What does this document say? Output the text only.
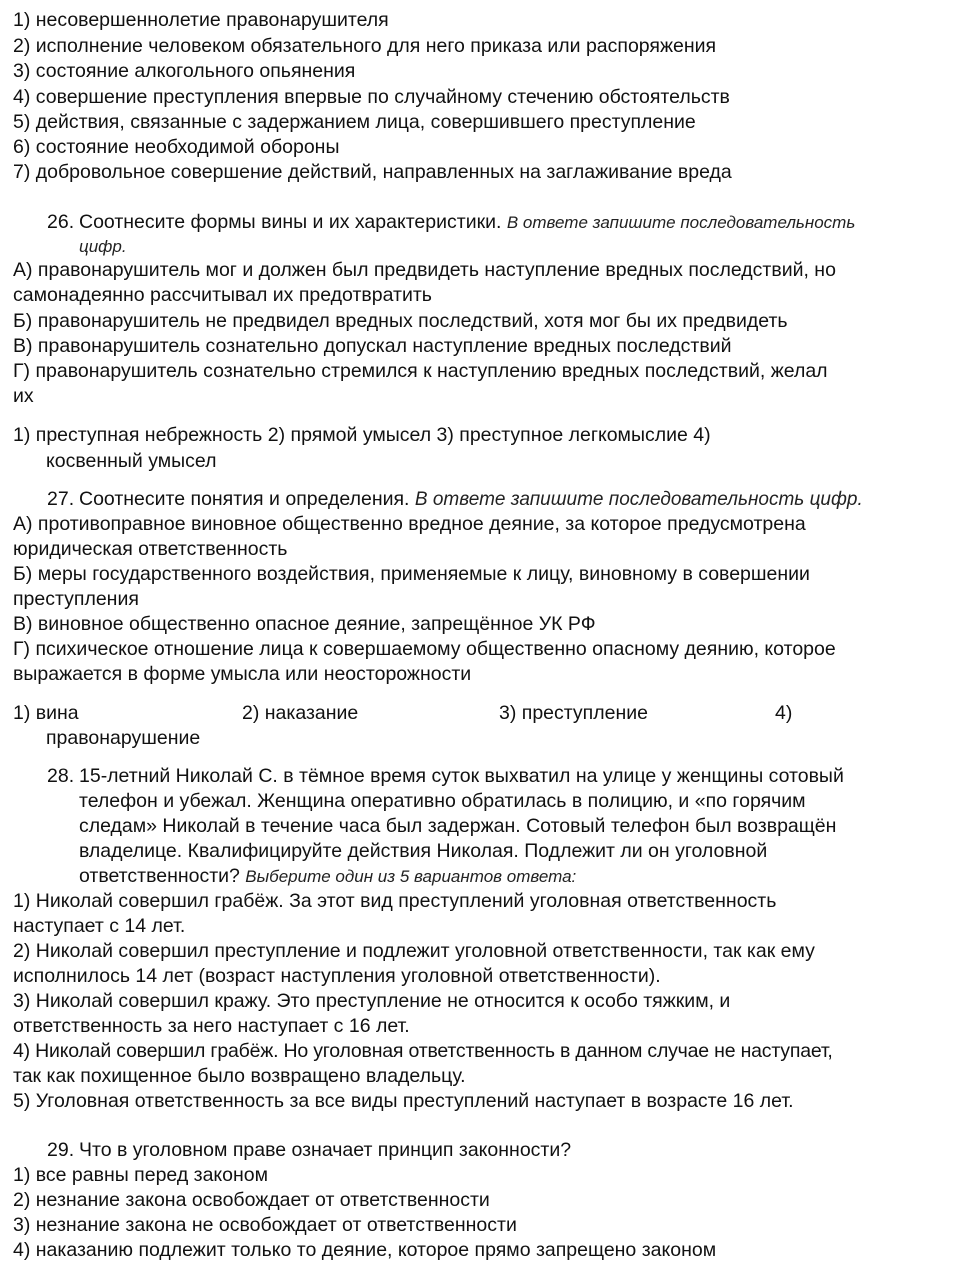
1) несовершеннолетие правонарушителя
2) исполнение человеком обязательного для него приказа или распоряжения
3) состояние алкогольного опьянения
4) совершение преступления впервые по случайному стечению обстоятельств
5) действия, связанные с задержанием лица, совершившего преступление
6) состояние необходимой обороны
7) добровольное совершение действий, направленных на заглаживание вреда
26. Соотнесите формы вины и их характеристики. В ответе запишите последовательность
цифр.
А) правонарушитель мог и должен был предвидеть наступление вредных последствий, но
самонадеянно рассчитывал их предотвратить
Б) правонарушитель не предвидел вредных последствий, хотя мог бы их предвидеть
В) правонарушитель сознательно допускал наступление вредных последствий
Г) правонарушитель сознательно стремился к наступлению вредных последствий, желал
их
1) преступная небрежность 2) прямой умысел 3) преступное легкомыслие 4)
косвенный умысел
27. Соотнесите понятия и определения. В ответе запишите последовательность цифр.
А) противоправное виновное общественно вредное деяние, за которое предусмотрена
юридическая ответственность
Б) меры государственного воздействия, применяемые к лицу, виновному в совершении
преступления
В) виновное общественно опасное деяние, запрещённое УК РФ
Г) психическое отношение лица к совершаемому общественно опасному деянию, которое
выражается в форме умысла или неосторожности
1) вина	2) наказание	3) преступление	4)
правонарушение
28. 15-летний Николай С. в тёмное время суток выхватил на улице у женщины сотовый
телефон и убежал. Женщина оперативно обратилась в полицию, и «по горячим
следам» Николай в течение часа был задержан. Сотовый телефон был возвращён
владелице. Квалифицируйте действия Николая. Подлежит ли он уголовной
ответственности? Выберите один из 5 вариантов ответа:
1) Николай совершил грабёж. За этот вид преступлений уголовная ответственность
наступает с 14 лет.
2) Николай совершил преступление и подлежит уголовной ответственности, так как ему
исполнилось 14 лет (возраст наступления уголовной ответственности).
3) Николай совершил кражу. Это преступление не относится к особо тяжким, и
ответственность за него наступает с 16 лет.
4) Николай совершил грабёж. Но уголовная ответственность в данном случае не наступает,
так как похищенное было возвращено владельцу.
5) Уголовная ответственность за все виды преступлений наступает в возрасте 16 лет.
29. Что в уголовном праве означает принцип законности?
1) все равны перед законом
2) незнание закона освобождает от ответственности
3) незнание закона не освобождает от ответственности
4) наказанию подлежит только то деяние, которое прямо запрещено законом
